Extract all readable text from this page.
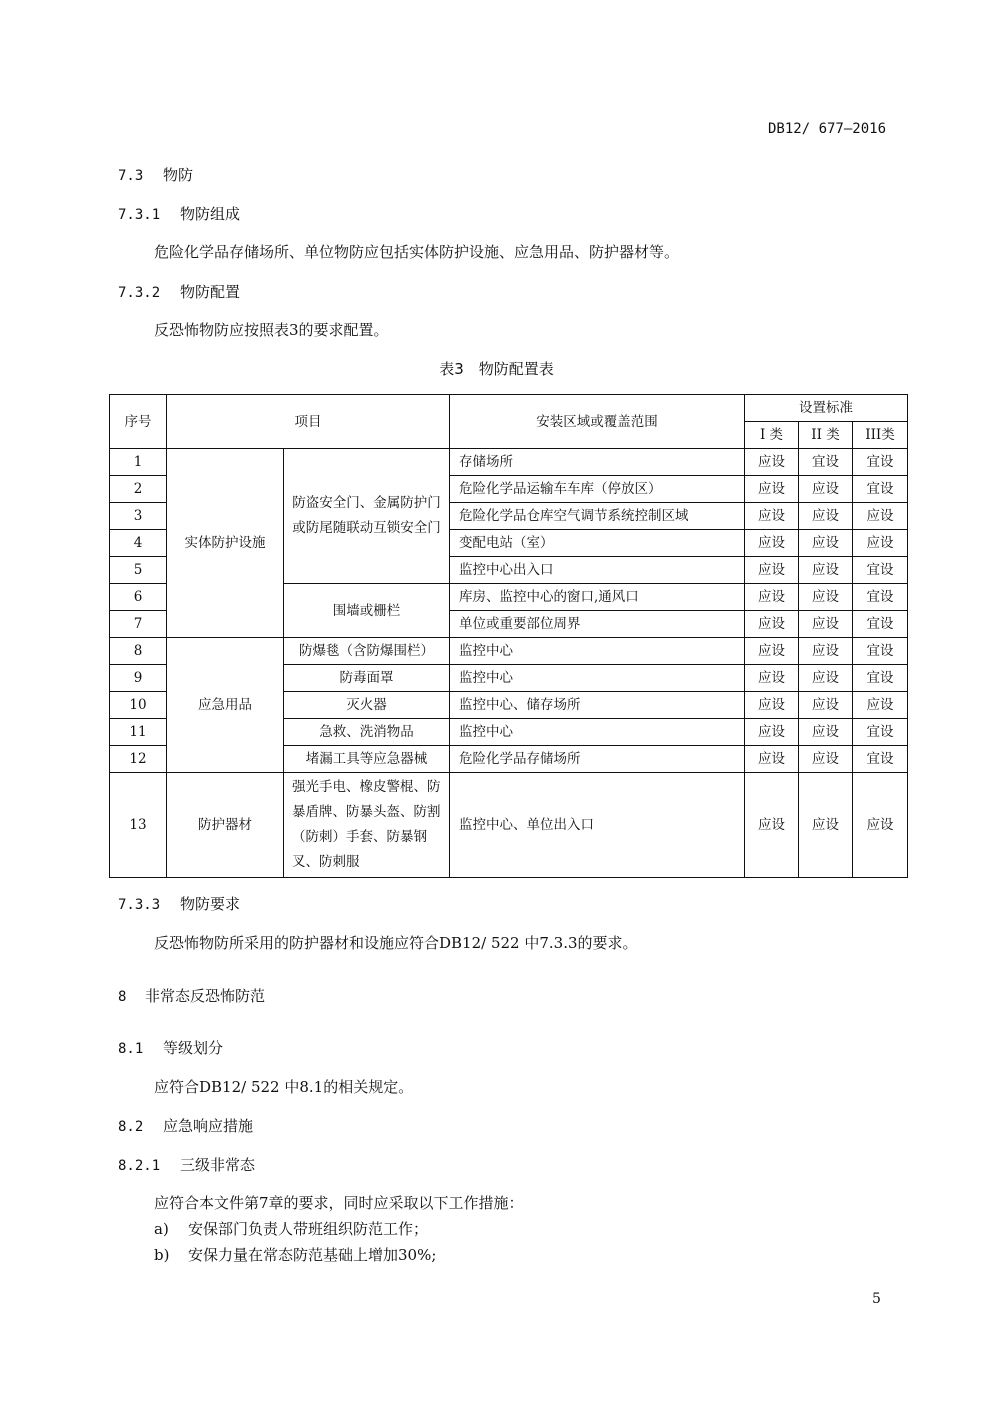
DB12/ 677—2016
7.3 物防
7.3.1 物防组成
危险化学品存储场所、单位物防应包括实体防护设施、应急用品、防护器材等。
7.3.2 物防配置
反恐怖物防应按照表3的要求配置。
表3　物防配置表
序号	项目		安装区域或覆盖范围	设置标准		
				I 类	II 类	III类
1	实体防护设施	防盗安全门、金属防护门或防尾随联动互锁安全门	存储场所	应设	宜设	宜设
2			危险化学品运输车车库（停放区）	应设	应设	宜设
3			危险化学品仓库空气调节系统控制区域	应设	应设	应设
4			变配电站（室）	应设	应设	应设
5			监控中心出入口	应设	应设	宜设
6		围墙或栅栏	库房、监控中心的窗口,通风口	应设	应设	宜设
7			单位或重要部位周界	应设	应设	宜设
8	应急用品	防爆毯（含防爆围栏）	监控中心	应设	应设	宜设
9		防毒面罩	监控中心	应设	应设	宜设
10		灭火器	监控中心、储存场所	应设	应设	应设
11		急救、洗消物品	监控中心	应设	应设	宜设
12		堵漏工具等应急器械	危险化学品存储场所	应设	应设	宜设
13	防护器材	强光手电、橡皮警棍、防暴盾牌、防暴头盔、防割（防刺）手套、防暴钢叉、防刺服	监控中心、单位出入口	应设	应设	应设
7.3.3 物防要求
反恐怖物防所采用的防护器材和设施应符合DB12/ 522 中7.3.3的要求。
8 非常态反恐怖防范
8.1 等级划分
应符合DB12/ 522 中8.1的相关规定。
8.2 应急响应措施
8.2.1 三级非常态
应符合本文件第7章的要求，同时应采取以下工作措施：
a) 安保部门负责人带班组织防范工作；
b) 安保力量在常态防范基础上增加30%;
5
